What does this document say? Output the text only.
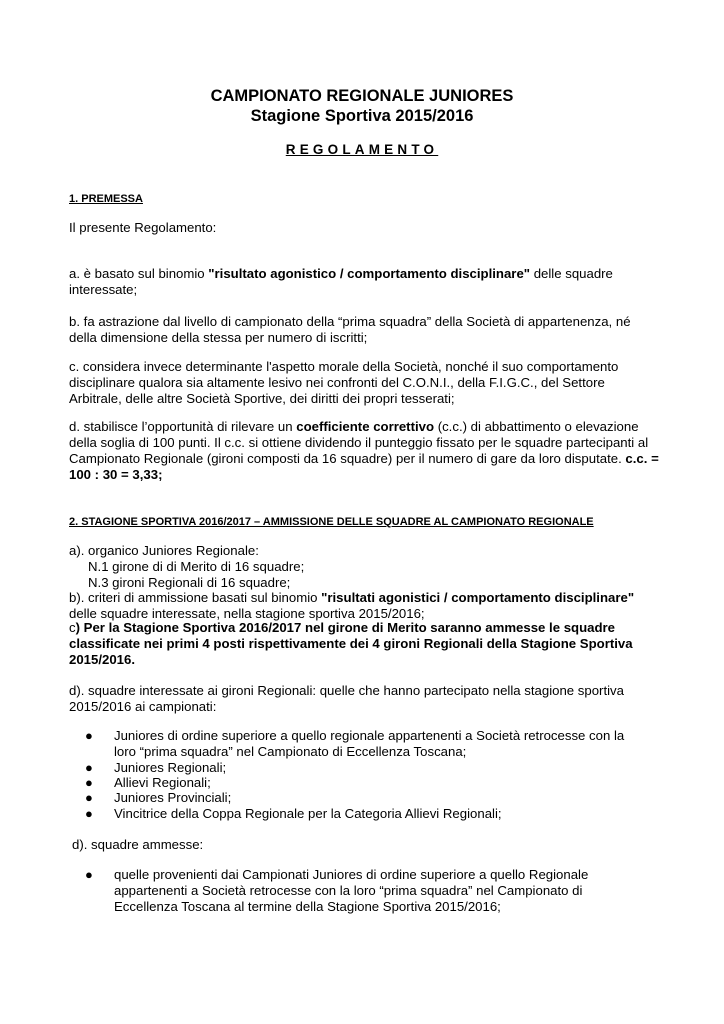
CAMPIONATO REGIONALE JUNIORES
Stagione Sportiva 2015/2016
REGOLAMENTO
1. PREMESSA
Il presente Regolamento:
a. è basato sul binomio "risultato agonistico / comportamento disciplinare" delle squadre interessate;
b. fa astrazione dal livello di campionato della “prima squadra” della Società di appartenenza, né della dimensione della stessa per numero di iscritti;
c. considera invece determinante l'aspetto morale della Società, nonché il suo comportamento disciplinare qualora sia altamente lesivo nei confronti del C.O.N.I., della F.I.G.C., del Settore Arbitrale, delle altre Società Sportive, dei diritti dei propri tesserati;
d. stabilisce l’opportunità di rilevare un coefficiente correttivo (c.c.) di abbattimento o elevazione della soglia di 100 punti. Il c.c. si ottiene dividendo il punteggio fissato per le squadre partecipanti al Campionato Regionale (gironi composti da 16 squadre) per il numero di gare da loro disputate. c.c. = 100 : 30 = 3,33;
2. STAGIONE SPORTIVA 2016/2017 – AMMISSIONE DELLE SQUADRE AL CAMPIONATO REGIONALE
a). organico Juniores Regionale:
N.1 girone di di Merito di 16 squadre;
N.3 gironi Regionali di 16 squadre;
b). criteri di ammissione basati sul binomio "risultati agonistici / comportamento disciplinare"
delle squadre interessate, nella stagione sportiva 2015/2016;
c) Per la Stagione Sportiva 2016/2017 nel girone di Merito saranno ammesse le squadre classificate nei primi 4 posti rispettivamente dei 4 gironi Regionali della Stagione Sportiva 2015/2016.
d). squadre interessate ai gironi Regionali: quelle che hanno partecipato nella stagione sportiva 2015/2016 ai campionati:
● Juniores di ordine superiore a quello regionale appartenenti a Società retrocesse con la loro “prima squadra” nel Campionato di Eccellenza Toscana;
● Juniores Regionali;
● Allievi Regionali;
● Juniores Provinciali;
● Vincitrice della Coppa Regionale per la Categoria Allievi Regionali;
d). squadre ammesse:
● quelle provenienti dai Campionati Juniores di ordine superiore a quello Regionale appartenenti a Società retrocesse con la loro “prima squadra” nel Campionato di Eccellenza Toscana al termine della Stagione Sportiva 2015/2016;
